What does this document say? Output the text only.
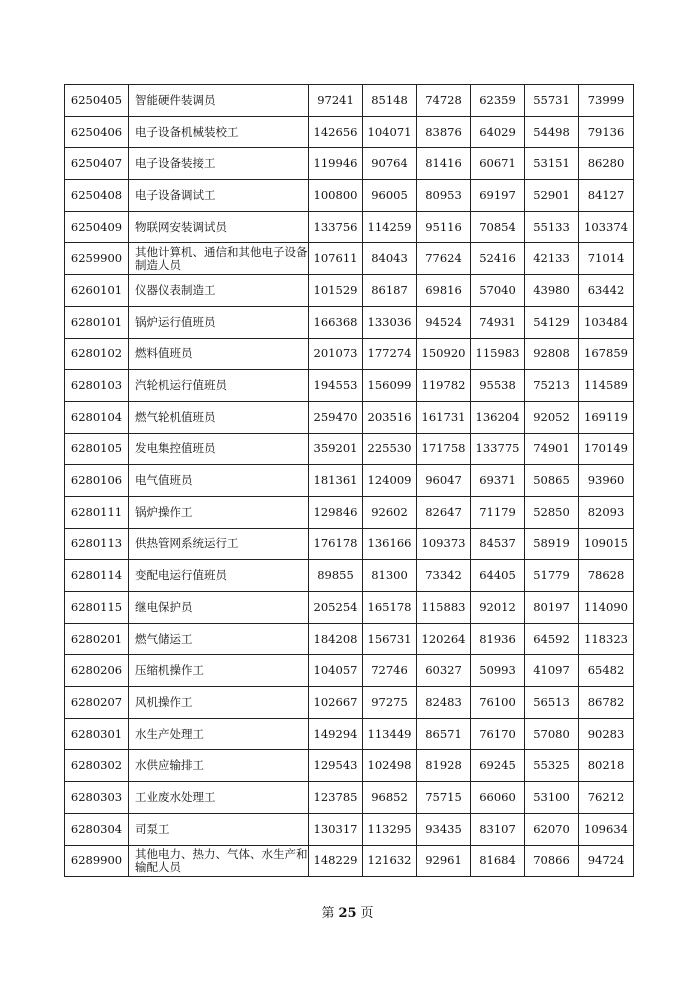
6250405	智能硬件装调员	97241	85148	74728	62359	55731	73999
6250406	电子设备机械装校工	142656	104071	83876	64029	54498	79136
6250407	电子设备装接工	119946	90764	81416	60671	53151	86280
6250408	电子设备调试工	100800	96005	80953	69197	52901	84127
6250409	物联网安装调试员	133756	114259	95116	70854	55133	103374
6259900	其他计算机、通信和其他电子设备制造人员	107611	84043	77624	52416	42133	71014
6260101	仪器仪表制造工	101529	86187	69816	57040	43980	63442
6280101	锅炉运行值班员	166368	133036	94524	74931	54129	103484
6280102	燃料值班员	201073	177274	150920	115983	92808	167859
6280103	汽轮机运行值班员	194553	156099	119782	95538	75213	114589
6280104	燃气轮机值班员	259470	203516	161731	136204	92052	169119
6280105	发电集控值班员	359201	225530	171758	133775	74901	170149
6280106	电气值班员	181361	124009	96047	69371	50865	93960
6280111	锅炉操作工	129846	92602	82647	71179	52850	82093
6280113	供热管网系统运行工	176178	136166	109373	84537	58919	109015
6280114	变配电运行值班员	89855	81300	73342	64405	51779	78628
6280115	继电保护员	205254	165178	115883	92012	80197	114090
6280201	燃气储运工	184208	156731	120264	81936	64592	118323
6280206	压缩机操作工	104057	72746	60327	50993	41097	65482
6280207	风机操作工	102667	97275	82483	76100	56513	86782
6280301	水生产处理工	149294	113449	86571	76170	57080	90283
6280302	水供应输排工	129543	102498	81928	69245	55325	80218
6280303	工业废水处理工	123785	96852	75715	66060	53100	76212
6280304	司泵工	130317	113295	93435	83107	62070	109634
6289900	其他电力、热力、气体、水生产和输配人员	148229	121632	92961	81684	70866	94724
第 25 页
